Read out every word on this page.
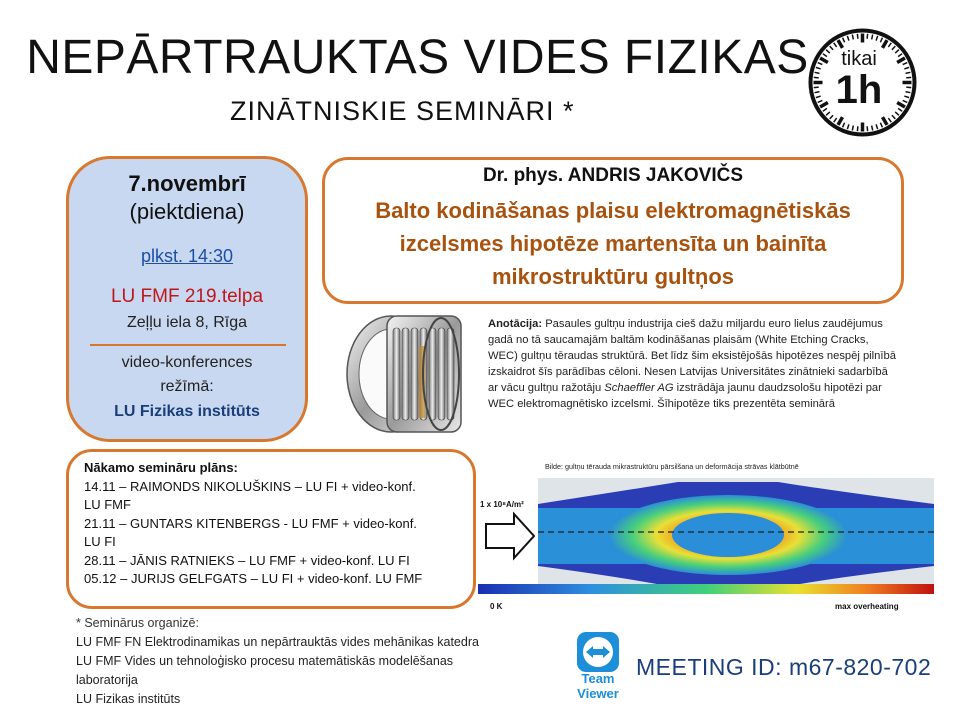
NEPĀRTRAUKTAS VIDES FIZIKAS
ZINĀTNISKIE SEMINĀRI *
tikai
1h
7.novembrī
(piektdiena)
plkst. 14:30
LU FMF 219.telpa
Zeļļu iela 8, Rīga
video-konferences
režīmā:
LU Fizikas institūts
Dr. phys. ANDRIS JAKOVIČS
Balto kodināšanas plaisu elektromagnētiskās
izcelsmes hipotēze martensīta un bainīta
mikrostruktūru gultņos
Anotācija: Pasaules gultņu industrija cieš dažu miljardu euro lielus zaudējumus gadā no tā saucamajām baltām kodināšanas plaisām (White Etching Cracks, WEC) gultņu tēraudas struktūrā. Bet līdz šim eksistējošās hipotēzes nespēj pilnībā izskaidrot šīs parādības cēloni. Nesen Latvijas Universitātes zinātnieki sadarbībā ar vācu gultņu ražotāju Schaeffler AG izstrādāja jaunu daudzsološu hipotēzi par WEC elektromagnētisko izcelsmi. Šīhipotēze tiks prezentēta seminārā
Nākamo semināru plāns:
14.11 – RAIMONDS NIKOLUŠKINS – LU FI + video-konf.
LU FMF
21.11 – GUNTARS KITENBERGS - LU FMF + video-konf.
LU FI
28.11 – JĀNIS RATNIEKS – LU FMF + video-konf. LU FI
05.12 – JURIJS GELFGATS – LU FI + video-konf. LU FMF
Bilde: gultņu tērauda mikrastruktūru pārsilšana un deformācija strāvas klātbūtnē
1 x 10⁸A/m²
0 K	max overheating
* Seminārus organizē:
LU FMF FN Elektrodinamikas un nepārtrauktās vides mehānikas katedra
LU FMF Vides un tehnoloģisko procesu matemātiskās modelēšanas
laboratorija
LU Fizikas institūts
Team
Viewer
MEETING ID: m67-820-702
